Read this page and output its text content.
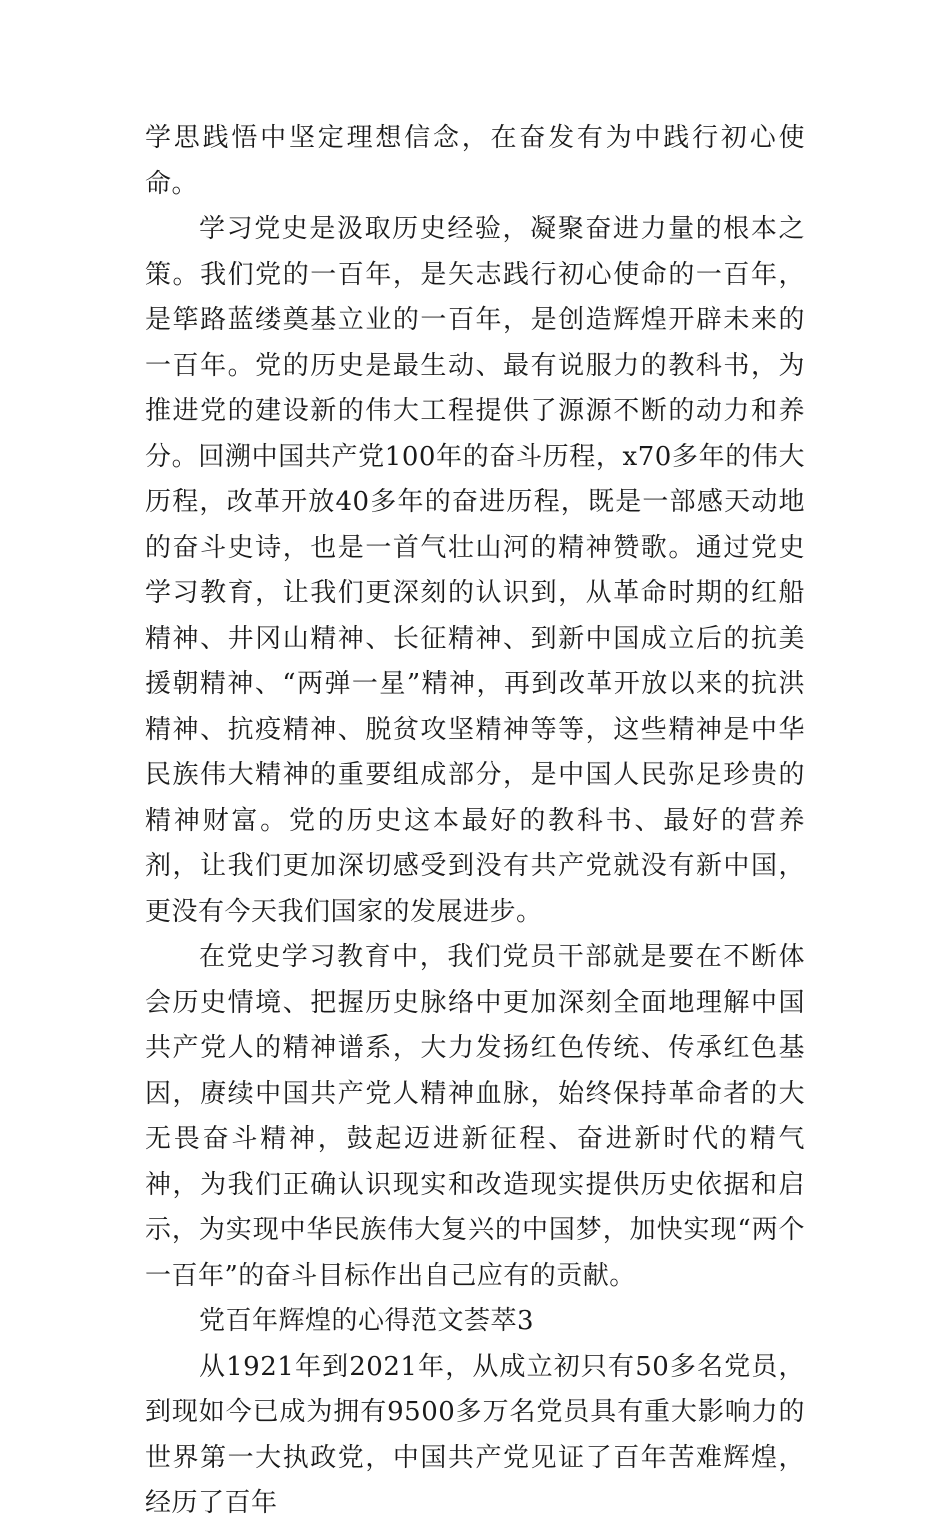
学思践悟中坚定理想信念，在奋发有为中践行初心使命。

学习党史是汲取历史经验，凝聚奋进力量的根本之策。我们党的一百年，是矢志践行初心使命的一百年，是筚路蓝缕奠基立业的一百年，是创造辉煌开辟未来的一百年。党的历史是最生动、最有说服力的教科书，为推进党的建设新的伟大工程提供了源源不断的动力和养分。回溯中国共产党100年的奋斗历程，x70多年的伟大历程，改革开放40多年的奋进历程，既是一部感天动地的奋斗史诗，也是一首气壮山河的精神赞歌。通过党史学习教育，让我们更深刻的认识到，从革命时期的红船精神、井冈山精神、长征精神、到新中国成立后的抗美援朝精神、“两弹一星”精神，再到改革开放以来的抗洪精神、抗疫精神、脱贫攻坚精神等等，这些精神是中华民族伟大精神的重要组成部分，是中国人民弥足珍贵的精神财富。党的历史这本最好的教科书、最好的营养剂，让我们更加深切感受到没有共产党就没有新中国，更没有今天我们国家的发展进步。

在党史学习教育中，我们党员干部就是要在不断体会历史情境、把握历史脉络中更加深刻全面地理解中国共产党人的精神谱系，大力发扬红色传统、传承红色基因，赓续中国共产党人精神血脉，始终保持革命者的大无畏奋斗精神，鼓起迈进新征程、奋进新时代的精气神，为我们正确认识现实和改造现实提供历史依据和启示，为实现中华民族伟大复兴的中国梦，加快实现“两个一百年”的奋斗目标作出自己应有的贡献。

党百年辉煌的心得范文荟萃3

从1921年到2021年，从成立初只有50多名党员，到现如今已成为拥有9500多万名党员具有重大影响力的世界第一大执政党，中国共产党见证了百年苦难辉煌，经历了百年
